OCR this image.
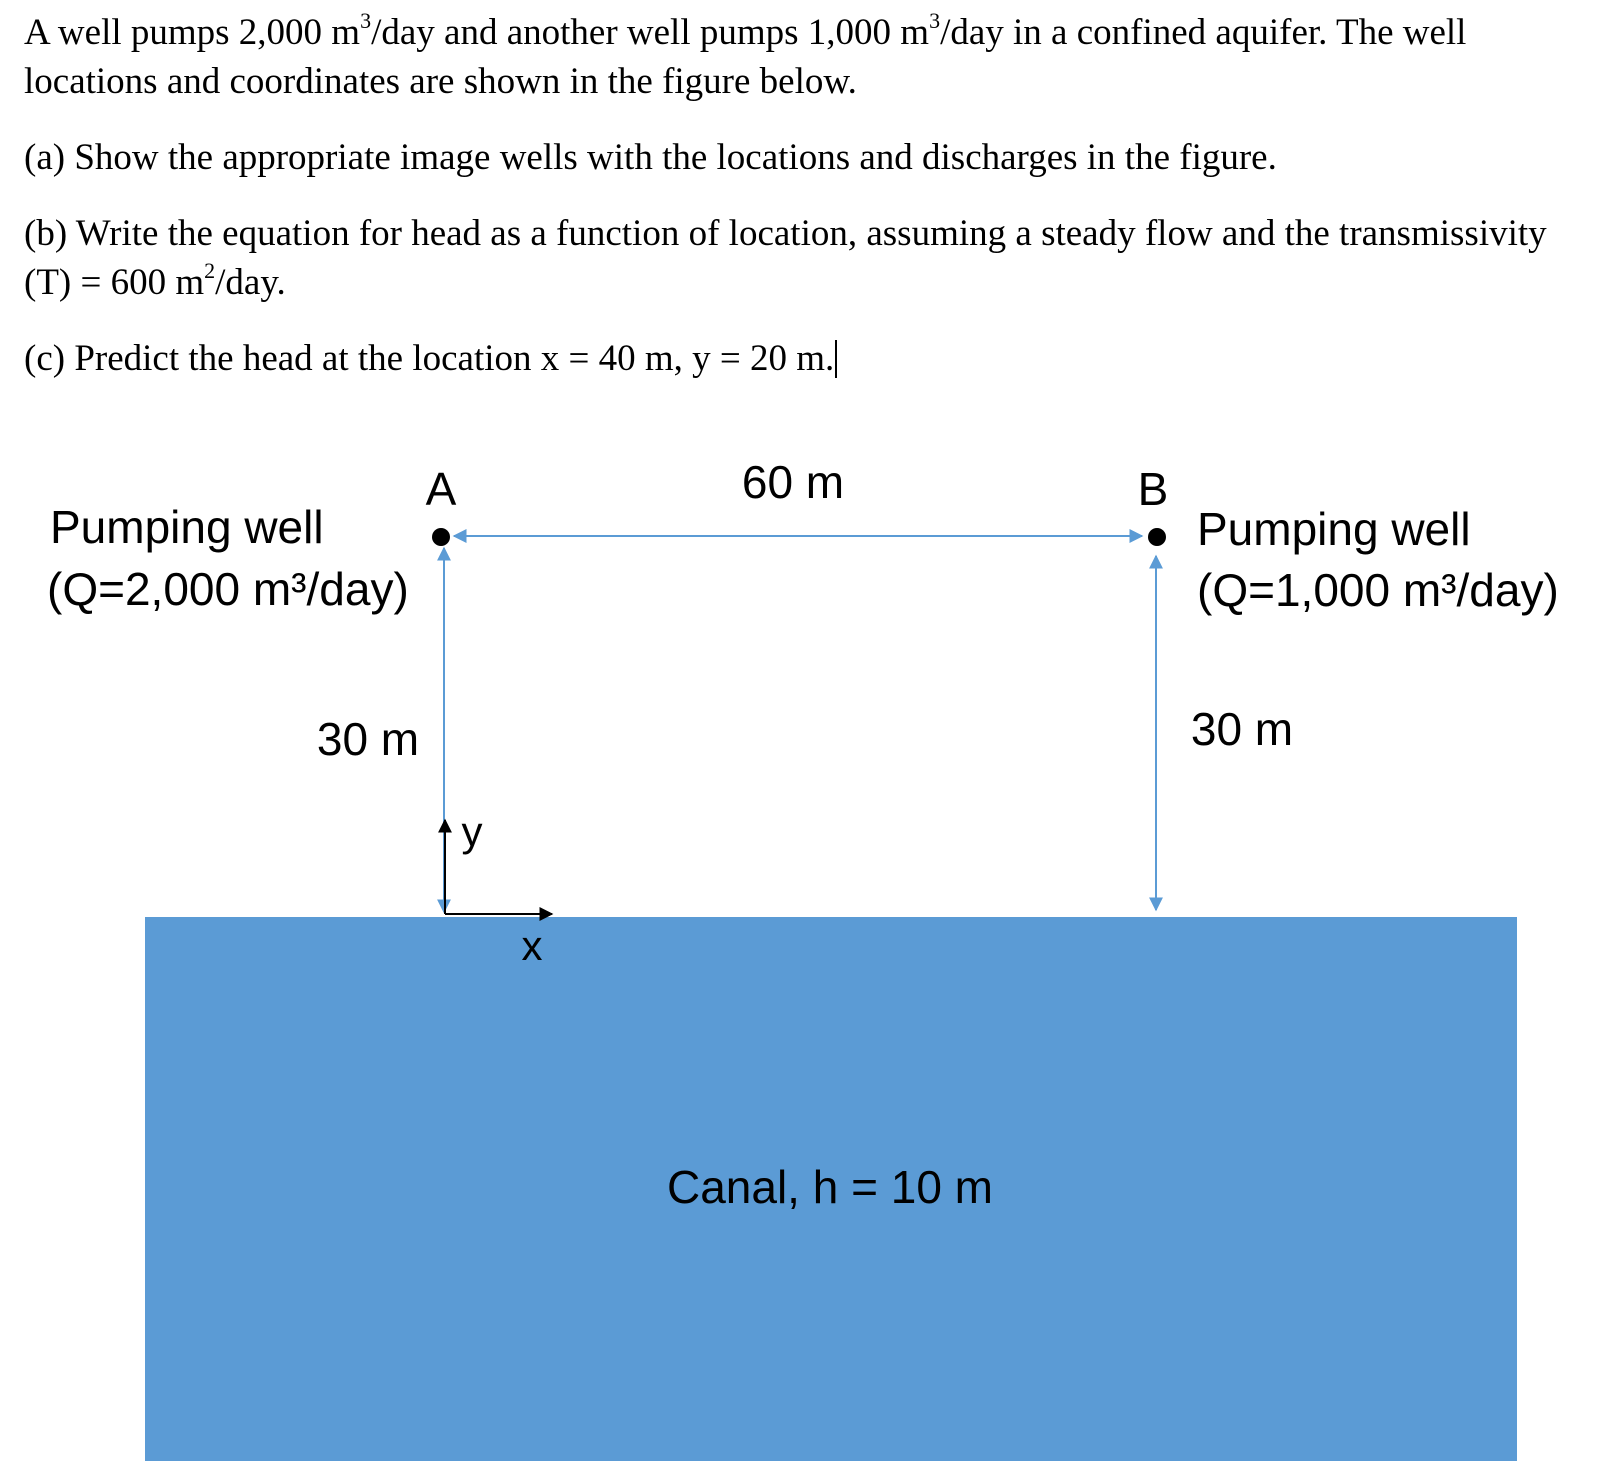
A well pumps 2,000 $m^3$/day and another well pumps 1,000 $m^3$/day in a confined aquifer. The well locations and coordinates are shown in the figure below.

(a) Show the appropriate image wells with the locations and discharges in the figure.

(b) Write the equation for head as a function of location, assuming a steady flow and the transmissivity (T) = 600 $m^2$/day.

(c) Predict the head at the location x = 40 m, y = 20 m.

Canal, h = 10 m
60 m
30 m	30 m
A
Pumping well
(Q=2,000 m³/day)
B
Pumping well
(Q=1,000 m³/day)
y
x
